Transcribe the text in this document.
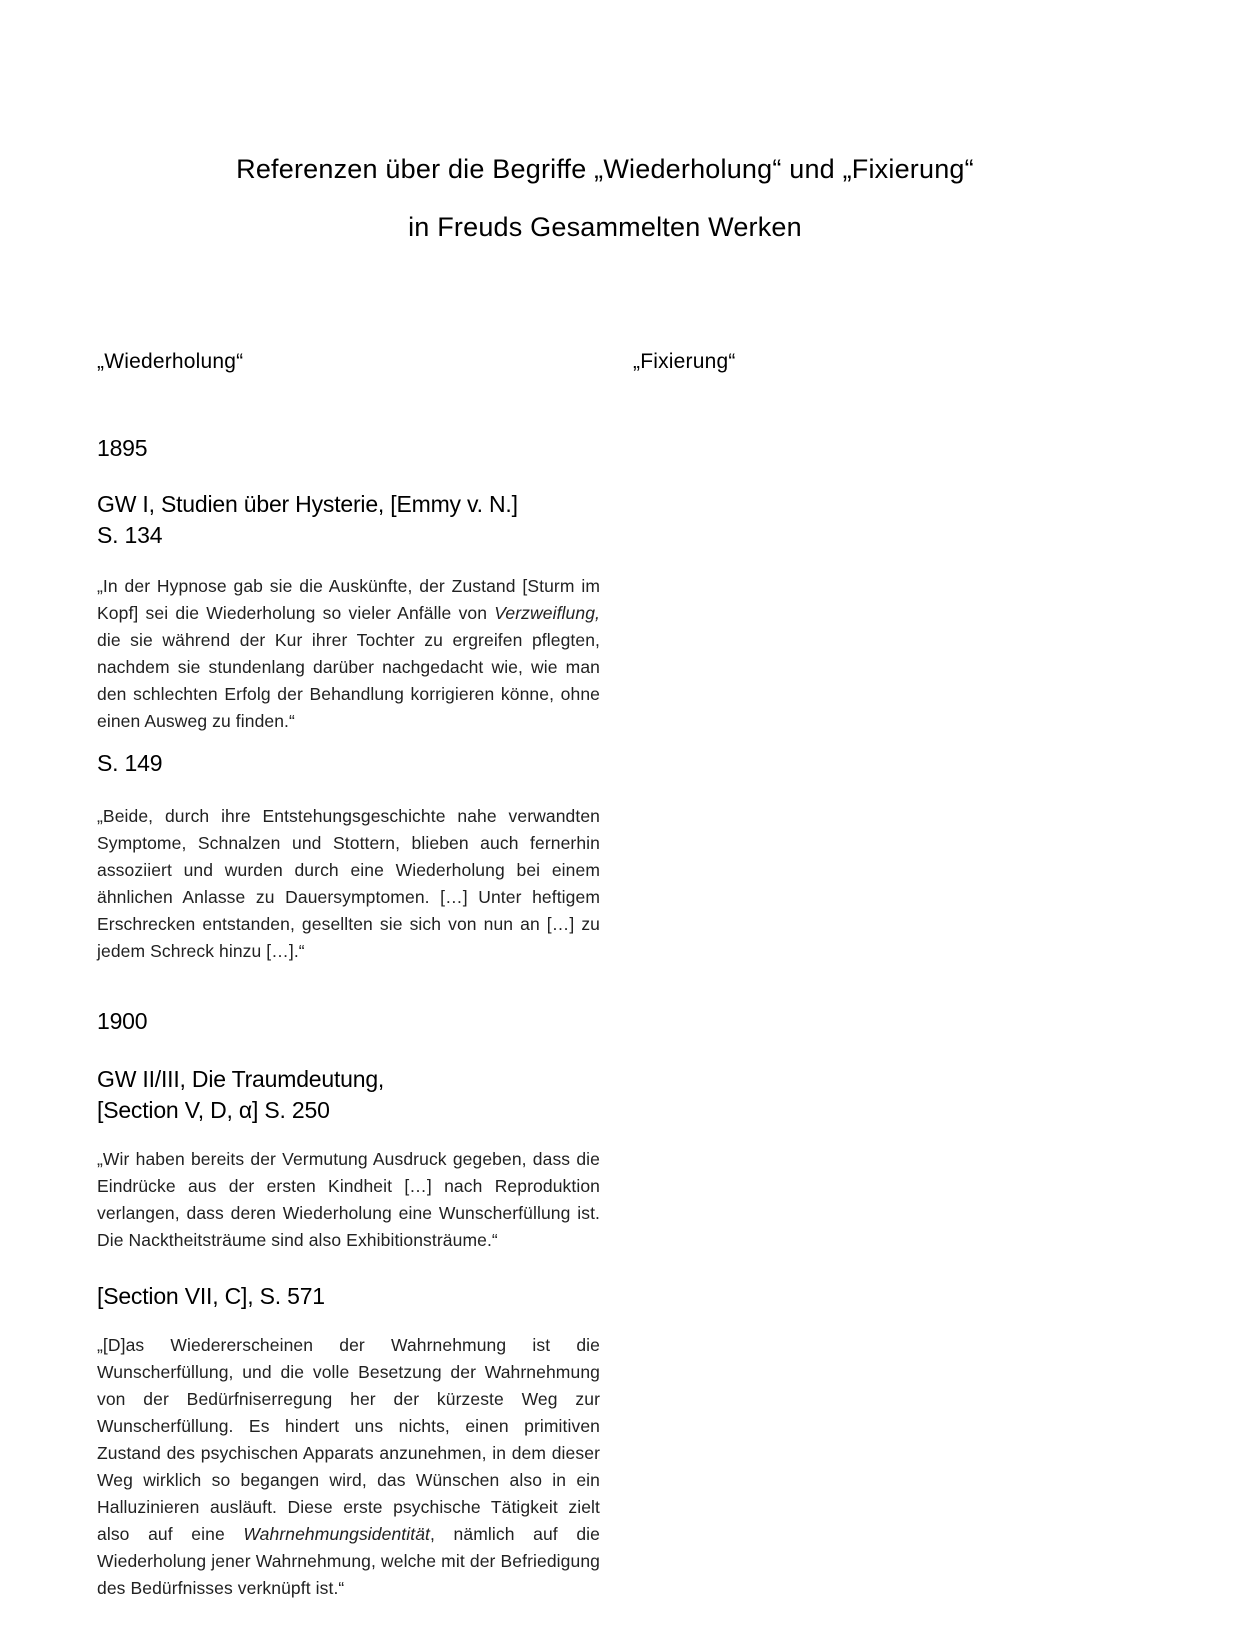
Referenzen über die Begriffe „Wiederholung“ und „Fixierung“
in Freuds Gesammelten Werken
„Wiederholung“	„Fixierung“
1895
GW I, Studien über Hysterie, [Emmy v. N.]
S. 134

„In der Hypnose gab sie die Auskünfte, der Zustand [Sturm im Kopf] sei die Wiederholung so vieler Anfälle von Verzweiflung, die sie während der Kur ihrer Tochter zu ergreifen pflegten, nachdem sie stundenlang darüber nachgedacht wie, wie man den schlechten Erfolg der Behandlung korrigieren könne, ohne einen Ausweg zu finden.“

S. 149

„Beide, durch ihre Entstehungsgeschichte nahe verwandten Symptome, Schnalzen und Stottern, blieben auch fernerhin assoziiert und wurden durch eine Wiederholung bei einem ähnlichen Anlasse zu Dauersymptomen. […] Unter heftigem Erschrecken entstanden, gesellten sie sich von nun an […] zu jedem Schreck hinzu […].“

1900
GW II/III, Die Traumdeutung,
[Section V, D, α] S. 250

„Wir haben bereits der Vermutung Ausdruck gegeben, dass die Eindrücke aus der ersten Kindheit […] nach Reproduktion verlangen, dass deren Wiederholung eine Wunscherfüllung ist. Die Nacktheitsträume sind also Exhibitionsträume.“

[Section VII, C], S. 571

„[D]as Wiedererscheinen der Wahrnehmung ist die Wunscherfüllung, und die volle Besetzung der Wahrnehmung von der Bedürfniserregung her der kürzeste Weg zur Wunscherfüllung. Es hindert uns nichts, einen primitiven Zustand des psychischen Apparats anzunehmen, in dem dieser Weg wirklich so begangen wird, das Wünschen also in ein Halluzinieren ausläuft. Diese erste psychische Tätigkeit zielt also auf eine Wahrnehmungsidentität, nämlich auf die Wiederholung jener Wahrnehmung, welche mit der Befriedigung des Bedürfnisses verknüpft ist.“
